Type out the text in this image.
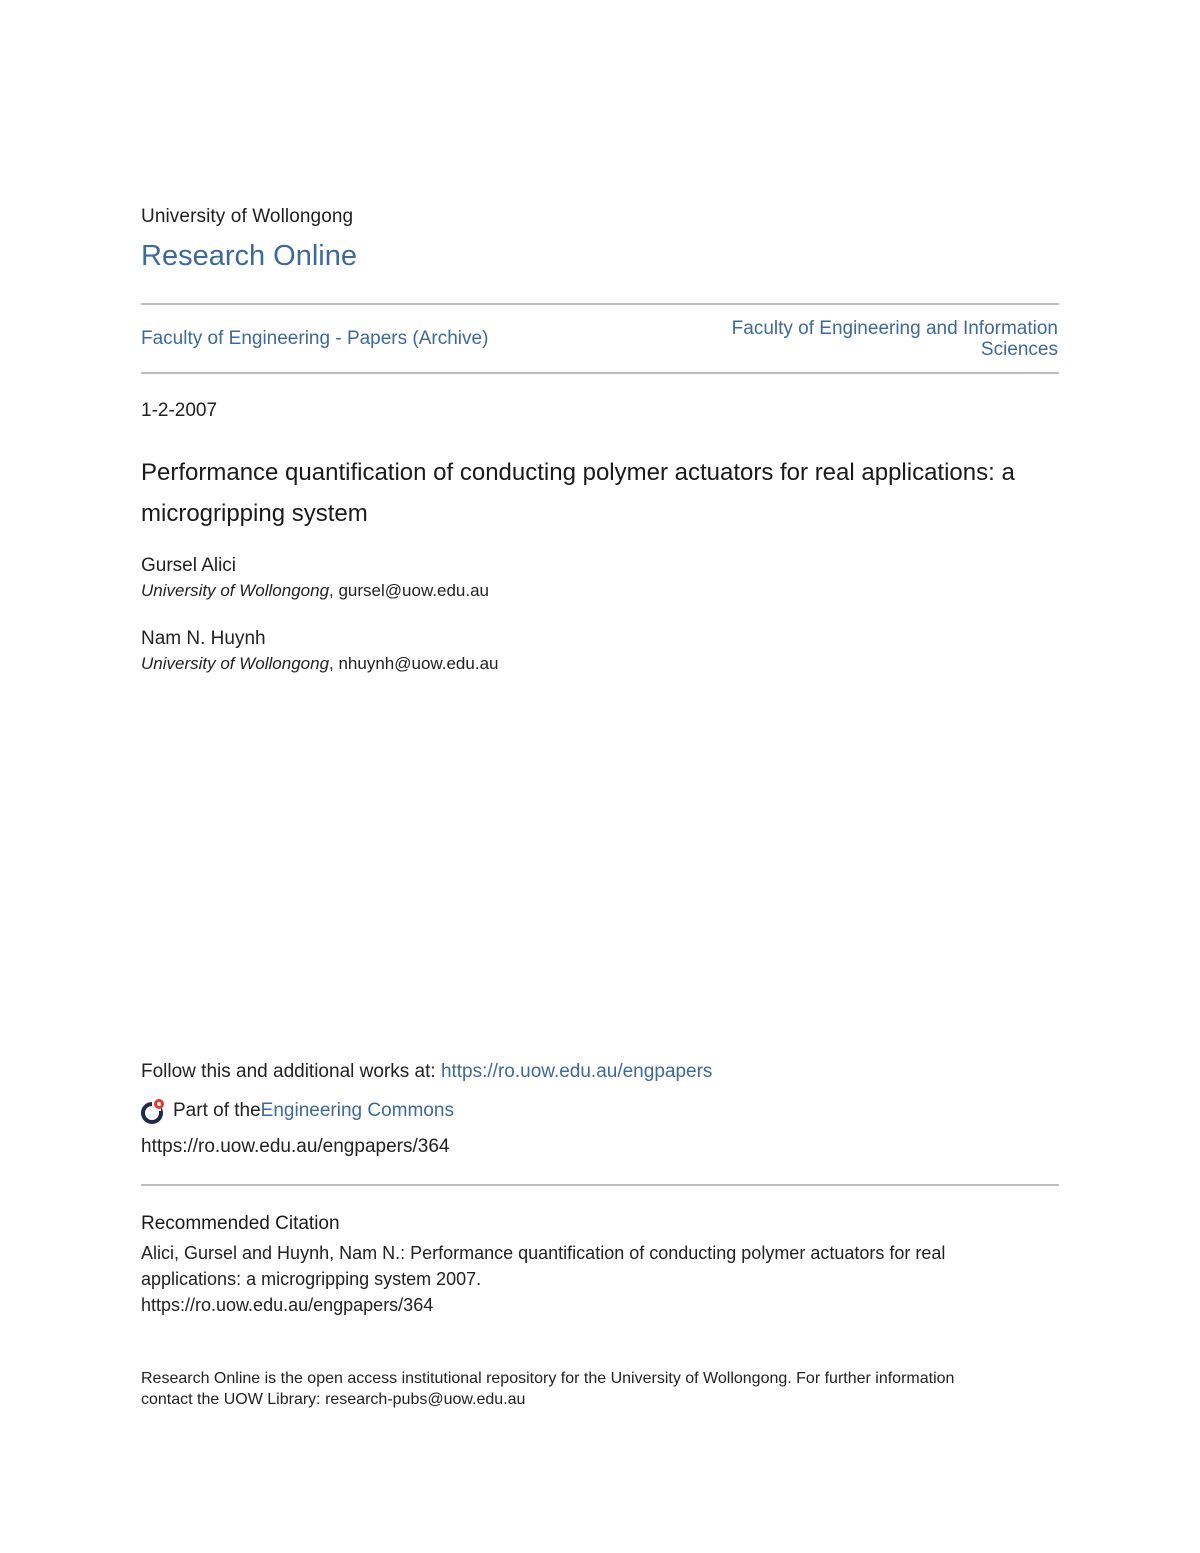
University of Wollongong
Research Online
Faculty of Engineering - Papers (Archive)	Faculty of Engineering and Information
Sciences
1-2-2007
Performance quantification of conducting polymer actuators for real applications: a microgripping system
Gursel Alici
University of Wollongong, gursel@uow.edu.au
Nam N. Huynh
University of Wollongong, nhuynh@uow.edu.au
Follow this and additional works at: https://ro.uow.edu.au/engpapers
Part of the Engineering Commons
https://ro.uow.edu.au/engpapers/364
Recommended Citation
Alici, Gursel and Huynh, Nam N.: Performance quantification of conducting polymer actuators for real
applications: a microgripping system 2007.
https://ro.uow.edu.au/engpapers/364
Research Online is the open access institutional repository for the University of Wollongong. For further information
contact the UOW Library: research-pubs@uow.edu.au
